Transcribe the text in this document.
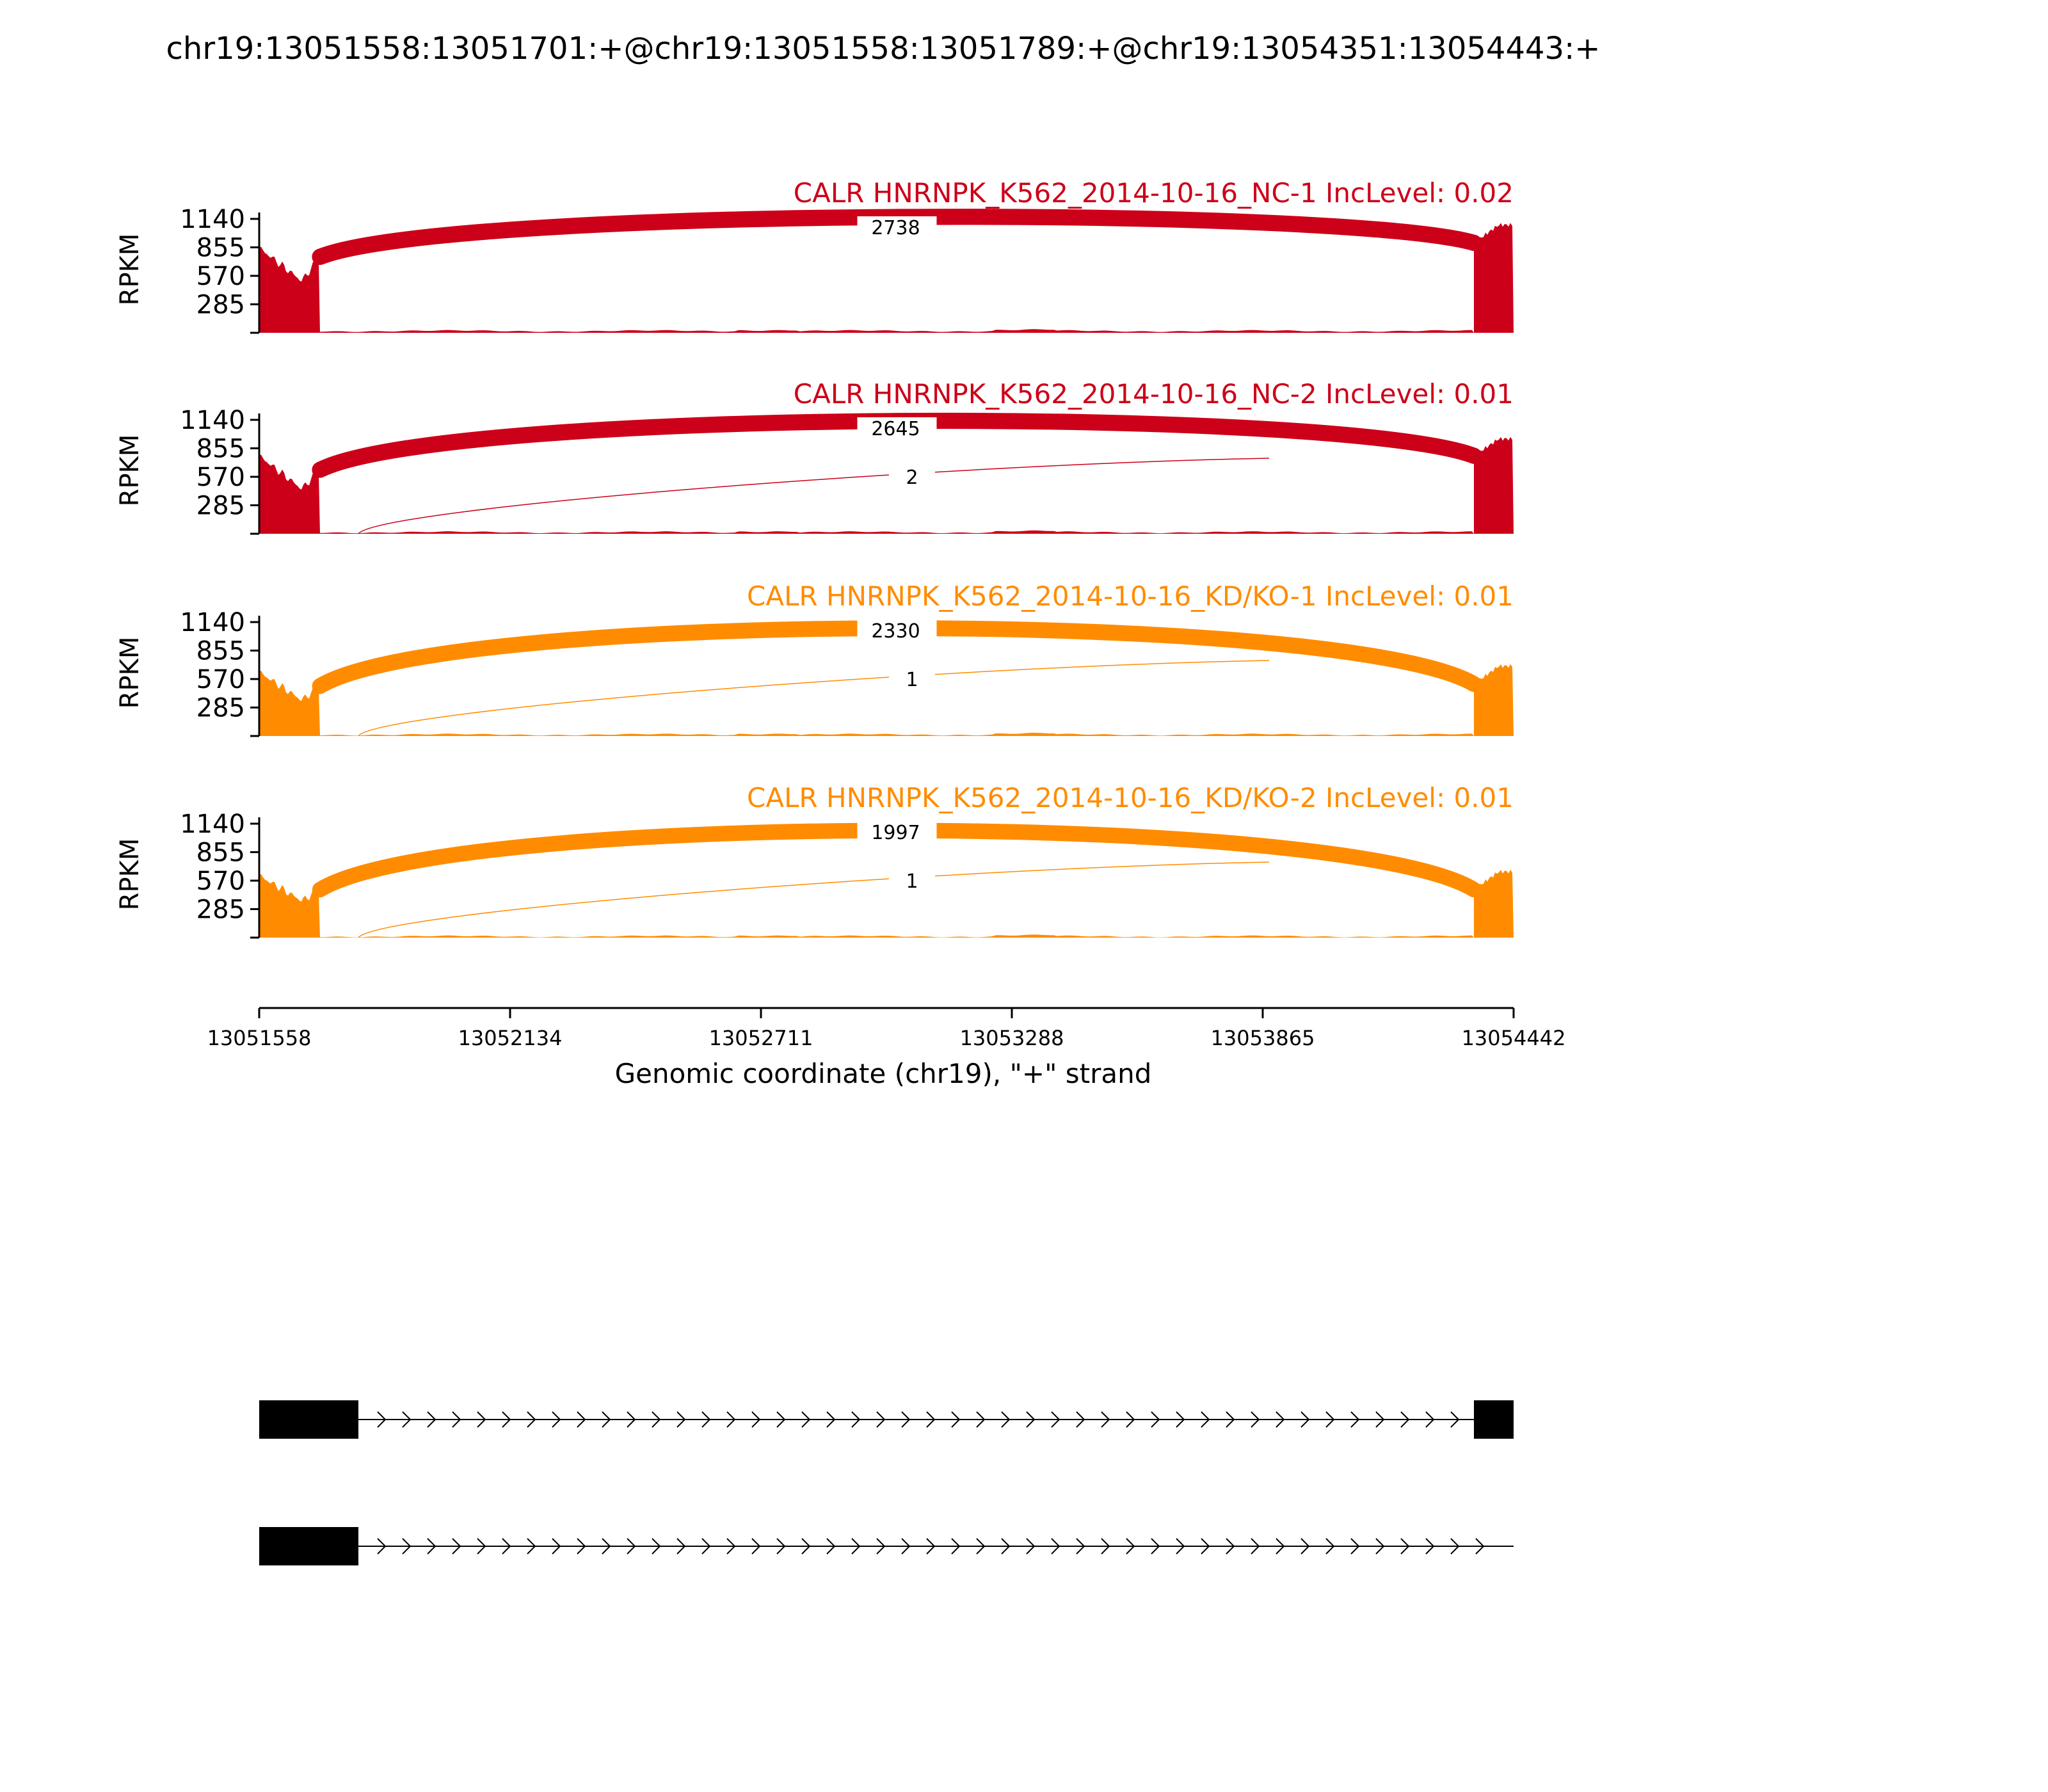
chr19:13051558:13051701:+@chr19:13051558:13051789:+@chr19:13054351:13054443:+
2738
1140
855
570
285
RPKM
CALR HNRNPK_K562_2014-10-16_NC-1 IncLevel: 0.02
2645
2
1140
855
570
285
RPKM
CALR HNRNPK_K562_2014-10-16_NC-2 IncLevel: 0.01
2330
1
1140
855
570
285
RPKM
CALR HNRNPK_K562_2014-10-16_KD/KO-1 IncLevel: 0.01
1997
1
1140
855
570
285
RPKM
CALR HNRNPK_K562_2014-10-16_KD/KO-2 IncLevel: 0.01
13051558	13052134	13052711	13053288	13053865	13054442
Genomic coordinate (chr19), "+" strand
